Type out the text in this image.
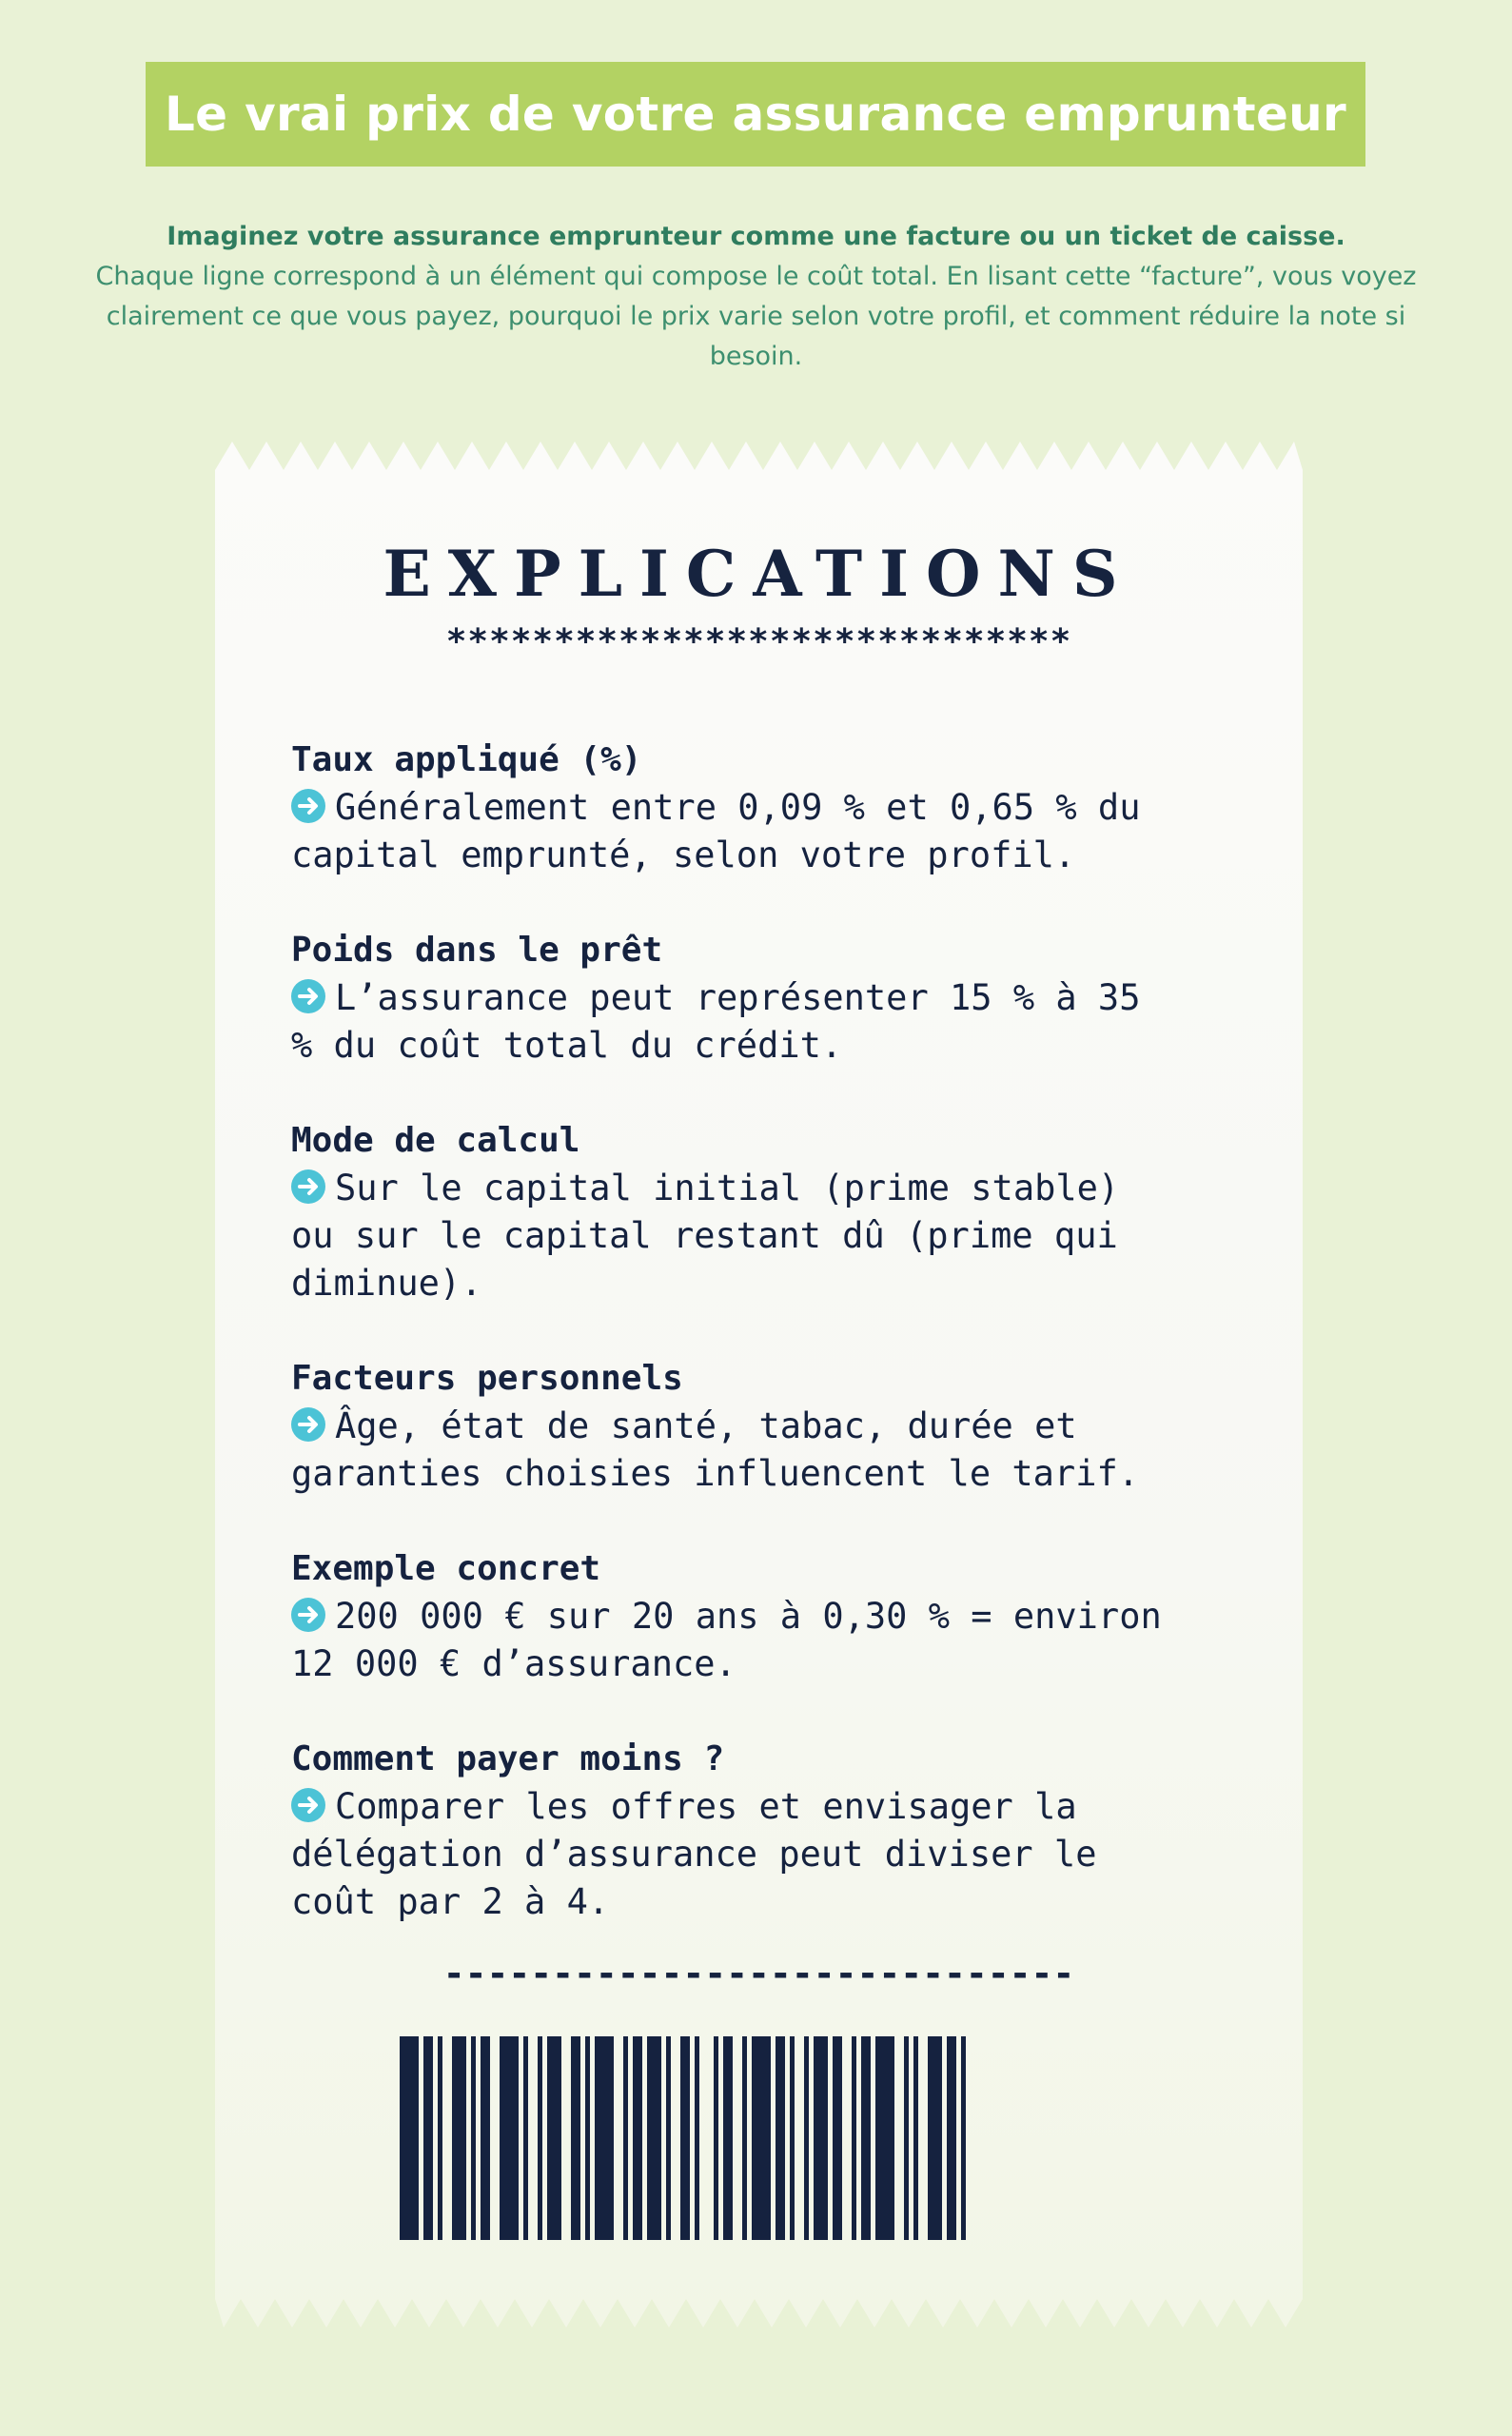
Le vrai prix de votre assurance emprunteur
Imaginez votre assurance emprunteur comme une facture ou un ticket de caisse.
Chaque ligne correspond à un élément qui compose le coût total. En lisant cette “facture”, vous voyez clairement ce que vous payez, pourquoi le prix varie selon votre profil, et comment réduire la note si besoin.
EXPLICATIONS
*****************************

Taux appliqué (%)

Généralement entre 0,09 % et 0,65 % du
capital emprunté, selon votre profil.

Poids dans le prêt

L’assurance peut représenter 15 % à 35
% du coût total du crédit.

Mode de calcul

Sur le capital initial (prime stable)
ou sur le capital restant dû (prime qui
diminue).

Facteurs personnels

Âge, état de santé, tabac, durée et
garanties choisies influencent le tarif.

Exemple concret

200 000 € sur 20 ans à 0,30 % = environ
12 000 € d’assurance.

Comment payer moins ?

Comparer les offres et envisager la
délégation d’assurance peut diviser le
coût par 2 à 4.

-----------------------------
